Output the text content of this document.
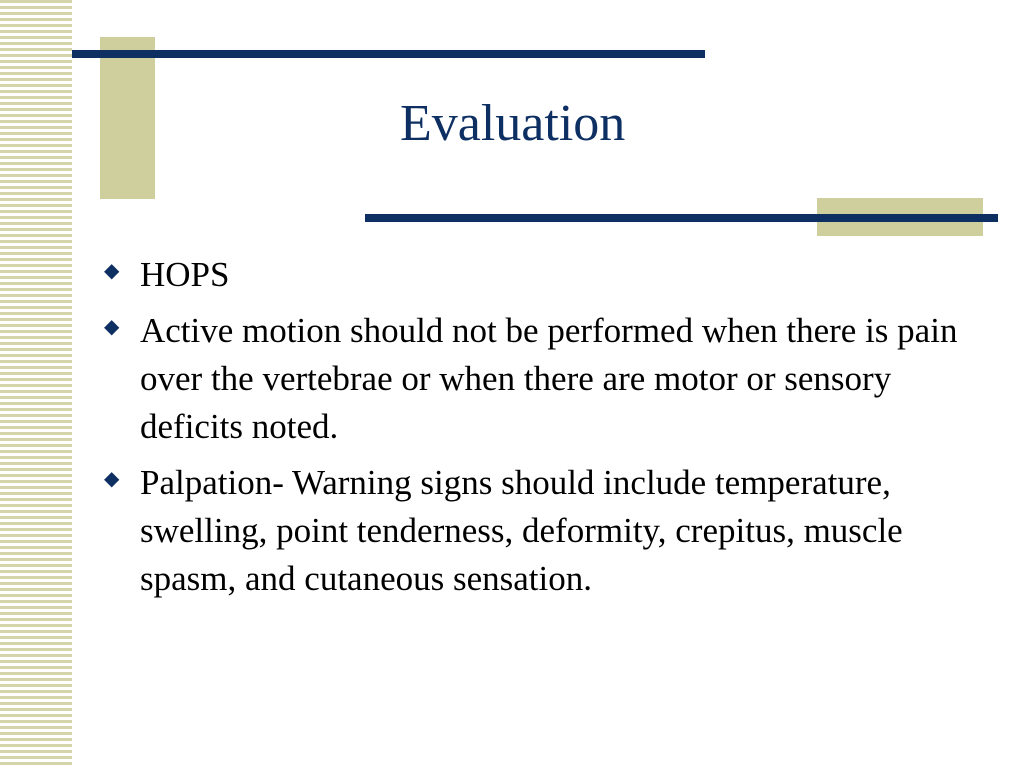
Evaluation
◆ HOPS
◆ Active motion should not be performed when there is pain over the vertebrae or when there are motor or sensory deficits noted.
◆ Palpation- Warning signs should include temperature, swelling, point tenderness, deformity, crepitus, muscle spasm, and cutaneous sensation.
